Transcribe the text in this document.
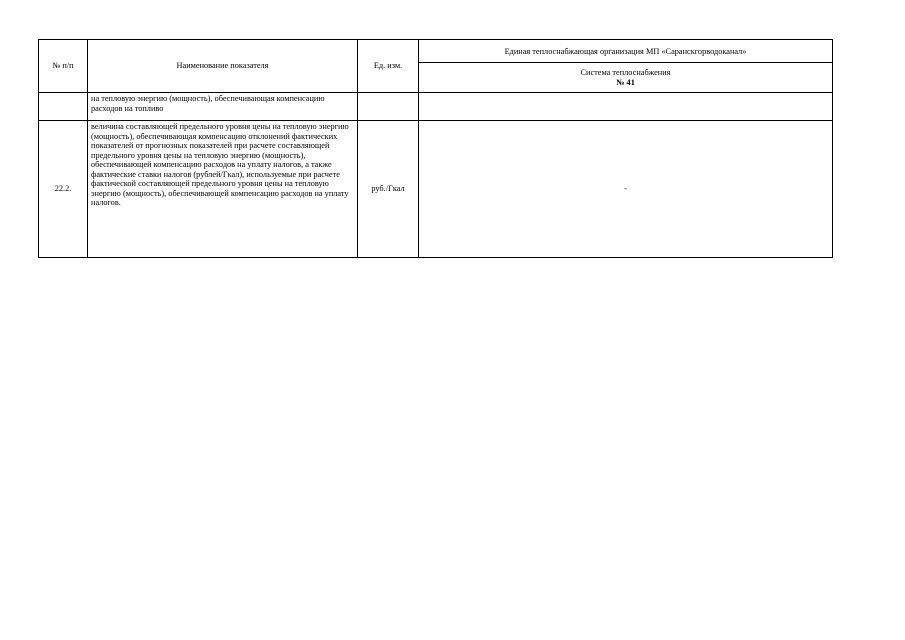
№ п/п	Наименование показателя	Ед. изм.	Единая теплоснабжающая организация МП «Саранскгорводоканал»

			Система теплоснабжения
№ 41

	на тепловую энергию (мощность), обеспечивающая компенсацию расходов на топливо		
22.2.	величина составляющей предельного уровня цены на тепловую энергию (мощность), обеспечивающая компенсацию отклонений фактических показателей от прогнозных показателей при расчете составляющей предельного уровня цены на тепловую энергию (мощность), обеспечивающей компенсацию расходов на уплату налогов, а также фактические ставки налогов (рублей/Гкал), используемые при расчете фактической составляющей предельного уровня цены на тепловую энергию (мощность), обеспечивающей компенсацию расходов на уплату налогов.	руб./Гкал	-
